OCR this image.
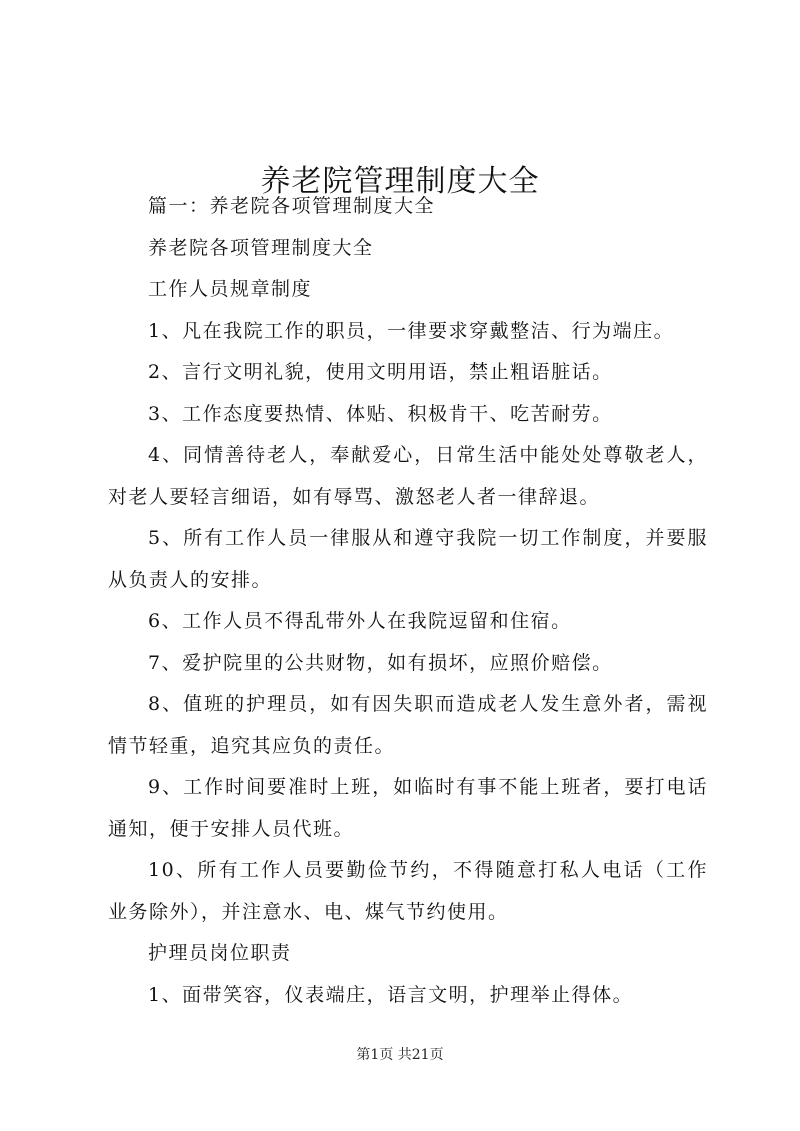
养老院管理制度大全

篇一：养老院各项管理制度大全

养老院各项管理制度大全

工作人员规章制度

1、凡在我院工作的职员，一律要求穿戴整洁、行为端庄。

2、言行文明礼貌，使用文明用语，禁止粗语脏话。

3、工作态度要热情、体贴、积极肯干、吃苦耐劳。

4、同情善待老人，奉献爱心，日常生活中能处处尊敬老人，对老人要轻言细语，如有辱骂、激怒老人者一律辞退。

5、所有工作人员一律服从和遵守我院一切工作制度，并要服从负责人的安排。

6、工作人员不得乱带外人在我院逗留和住宿。

7、爱护院里的公共财物，如有损坏，应照价赔偿。

8、值班的护理员，如有因失职而造成老人发生意外者，需视情节轻重，追究其应负的责任。

9、工作时间要准时上班，如临时有事不能上班者，要打电话通知，便于安排人员代班。

10、所有工作人员要勤俭节约，不得随意打私人电话（工作业务除外），并注意水、电、煤气节约使用。

护理员岗位职责

1、面带笑容，仪表端庄，语言文明，护理举止得体。

第1页 共21页
